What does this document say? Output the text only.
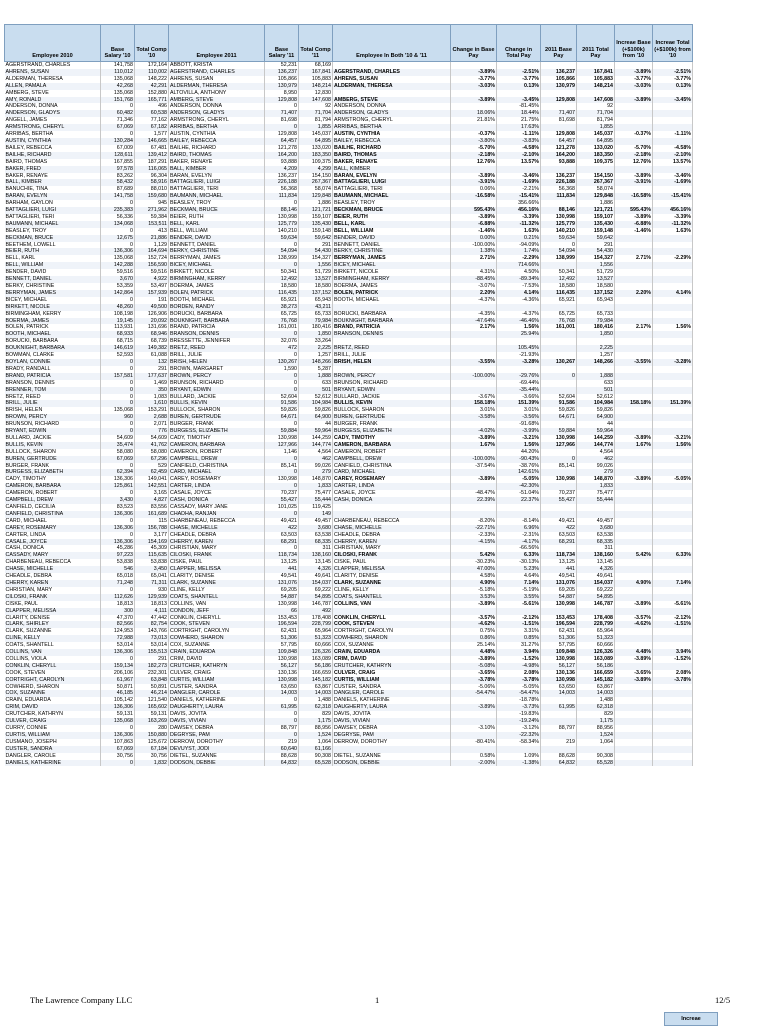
Employee 2010	Base Salary '10	Total Comp '10	Employee 2011	Base Salary '11	Total Comp '11	Employee In Both '10 & '11	Change in Base Pay	Change in Total Pay	2011 Base Pay	2011 Total Pay	Increae Base (+$100k) from '10	Increae Total (+$100k) from '10	
AGERSTRAND, CHARLES	141,758	172,164	ABBOTT, KRISTA	52,231	68,169								
AHRENS, SUSAN	110,012	110,002	AGERSTRAND, CHARLES	136,237	167,841	AGERSTRAND, CHARLES	-3.89%	-2.51%	136,237	167,841	-3.89%	-2.51%	
ALDERMAN, THERESA	135,068	148,222	AHRENS, SUSAN	105,866	105,883	AHRENS, SUSAN	-3.77%	-3.77%	105,866	105,883	-3.77%	-3.77%	
ALLEN, PAMALA	42,268	42,291	ALDERMAN, THERESA	130,979	148,214	ALDERMAN, THERESA	-3.03%	0.13%	130,979	148,214	-3.03%	0.13%	
AMBERG, STEVE	135,068	152,880	ALTOVILLA, ANTHONY	8,950	12,830								
AMY, RONALD	151,768	165,771	AMBERG, STEVE	129,808	147,608	AMBERG, STEVE	-3.89%	-3.45%	129,808	147,608	-3.89%	-3.45%	
ANDERSON, DONNA	0	496	ANDERSON, DONNA	0	92	ANDERSON, DONNA		-81.45%		92			
ANDERSON, GLADYS	60,482	60,538	ANDERSON, GLADYS	71,407	71,704	ANDERSON, GLADYS	18.06%	18.44%	71,407	71,704			
ANGELL, JAMES	71,346	77,162	ARMSTRONG, CHERYL	81,698	81,794	ARMSTRONG, CHERYL	21.81%	21.75%	81,698	81,794			
ARMSTRONG, CHERYL	67,069	67,182	ARRIBAS, BERTHA	0	1,855	ARRIBAS, BERTHA		17.63%		1,855			
ARRIBAS, BERTHA	0	1,577	AUSTIN, CYNTHIA	129,808	145,037	AUSTIN, CYNTHIA	-0.37%	-1.11%	129,808	145,037	-0.37%	-1.11%	
AUSTIN, CYNTHIA	130,284	146,665	BAILEY, REBECCA	64,457	64,895	BAILEY, REBECCA	-3.80%	-3.83%	64,457	64,895			
BAILEY, REBECCA	67,009	67,481	BAILHE, RICHARD	121,278	133,020	BAILHE, RICHARD	-5.70%	-4.58%	121,278	133,020	-5.70%	-4.58%	
BAILHE, RICHARD	128,611	139,412	BAIRD, THOMAS	164,200	183,350	BAIRD, THOMAS	-2.18%	-2.10%	164,200	183,350	-2.18%	-2.10%	
BAIRD, THOMAS	167,855	187,291	BAKER, RENAYE	93,888	109,375	BAKER, RENAYE	12.76%	13.57%	93,888	109,375	12.76%	13.57%	
BAKER, FRED	97,578	116,065	BALL, KIMBER	4,209	4,299	BALL, KIMBER							
BAKER, RENAYE	83,262	96,304	BARAN, EVELYN	136,237	154,150	BARAN, EVELYN	-3.89%	-3.46%	136,237	154,150	-3.89%	-3.46%	
BALL, KIMBER	58,432	58,916	BATTAGLIERI, LUIGI	226,188	267,367	BATTAGLIERI, LUIGI	-3.91%	-1.69%	226,188	267,367	-3.91%	-1.69%	
BANUCHIE, TINA	87,689	88,010	BATTAGLIERI, TERI	56,368	58,074	BATTAGLIERI, TERI	0.06%	-2.21%	56,368	58,074			
BARAN, EVELYN	141,758	159,680	BAUMANN, MICHAEL	111,834	129,848	BAUMANN, MICHAEL	-16.58%	-15.41%	111,834	129,848	-16.58%	-15.41%	
BARHAM, GAYLON	0	945	BEASLEY, TROY	0	1,886	BEASLEY, TROY		356.66%		1,886			
BATTAGLIERI, LUIGI	235,383	271,962	BECKMAN, BRUCE	88,146	121,721	BECKMAN, BRUCE	595.43%	456.16%	88,146	121,721	595.43%	456.16%	
BATTAGLIERI, TERI	56,336	59,384	BEIER, RUTH	130,998	159,107	BEIER, RUTH	-3.89%	-3.39%	130,998	159,107	-3.89%	-3.39%	
BAUMANN, MICHAEL	134,068	153,511	BELL, KARL	125,779	135,430	BELL, KARL	-6.88%	-11.32%	125,779	135,430	-6.88%	-11.32%	
BEASLEY, TROY	0	413	BELL, WILLIAM	140,210	159,148	BELL, WILLIAM	-1.46%	1.63%	140,210	159,148	-1.46%	1.63%	
BECKMAN, BRUCE	12,675	21,886	BENDER, DAVID	59,634	59,642	BENDER, DAVID	0.00%	0.21%	59,634	59,642			
BEETHEM, LOWELL	0	1,129	BENNETT, DANIEL	0	291	BENNETT, DANIEL	-100.00%	-94.09%	0	291			
BEIER, RUTH	136,306	164,694	BERKY, CHRISTINE	54,094	54,430	BERKY, CHRISTINE	1.38%	1.74%	54,094	54,430			
BELL, KARL	135,068	152,724	BERRYMAN, JAMES	138,999	154,327	BERRYMAN, JAMES	2.71%	-2.29%	138,999	154,327	2.71%	-2.29%	
BELL, WILLIAM	142,288	156,590	BICEY, MICHAEL	0	1,556	BICEY, MICHAEL		714.66%		1,556			
BENDER, DAVID	59,516	59,516	BIRKETT, NICOLE	50,341	51,729	BIRKETT, NICOLE	4.31%	4.50%	50,341	51,729			
BENNETT, DANIEL	3,670	4,922	BIRMINGHAM, KERRY	12,492	13,527	BIRMINGHAM, KERRY	-88.45%	-89.34%	12,492	13,527			
BERKY, CHRISTINE	53,359	53,497	BOERMA, JAMES	18,580	18,580	BOERMA, JAMES	-3.07%	-7.53%	18,580	18,580			
BERRYMAN, JAMES	142,864	157,939	BOLEN, PATRICK	116,435	137,152	BOLEN, PATRICK	2.20%	4.14%	116,435	137,152	2.20%	4.14%	
BICEY, MICHAEL	0	191	BOOTH, MICHAEL	65,921	65,943	BOOTH, MICHAEL	-4.37%	-4.36%	65,921	65,943			
BIRKETT, NICOLE	48,260	49,500	BORDEN, RANDY	38,273	43,211								
BIRMINGHAM, KERRY	108,198	126,906	BORUCKI, BARBARA	65,725	65,733	BORUCKI, BARBARA	-4.35%	-4.37%	65,725	65,733			
BOERMA, JAMES	19,145	20,092	BOUKNIGHT, BARBARA	76,768	79,984	BOUKNIGHT, BARBARA	-47.64%	-46.46%	76,768	79,984			
BOLEN, PATRICK	113,931	131,696	BRAND, PATRICIA	161,001	180,416	BRAND, PATRICIA	2.17%	1.56%	161,001	180,416	2.17%	1.56%	
BOOTH, MICHAEL	68,933	68,946	BRANSON, DENNIS	0	1,850	BRANSON, DENNIS		25.94%		1,850			
BORUCKI, BARBARA	68,715	68,739	BRESSETTE, JENNIFER	32,076	33,264								
BOUKNIGHT, BARBARA	146,619	149,382	BRETZ, REED	472	2,225	BRETZ, REED		105.45%		2,225			
BOWMAN, CLARKE	52,593	61,088	BRILL, JULIE	0	1,257	BRILL, JULIE		-21.93%		1,257			
BOYLAN, CONNIE	0	132	BRISH, HELEN	130,267	148,266	BRISH, HELEN	-3.55%	-3.28%	130,267	148,266	-3.55%	-3.28%	
BRADY, RANDALL	0	291	BROWN, MARGARET	1,590	5,287								
BRAND, PATRICIA	157,581	177,637	BROWN, PERCY	0	1,888	BROWN, PERCY	-100.00%	-29.76%	0	1,888			
BRANSON, DENNIS	0	1,469	BRUNSON, RICHARD	0	633	BRUNSON, RICHARD		-69.44%		633			
BRENNER, TOM	0	350	BRYANT, EDWIN	0	501	BRYANT, EDWIN		-35.44%		501			
BRETZ, REED	0	1,083	BULLARD, JACKIE	52,604	52,612	BULLARD, JACKIE	-3.67%	-3.66%	52,604	52,612			
BRILL, JULIE	0	1,610	BULLIS, KEVIN	91,586	104,984	BULLIS, KEVIN	158.18%	151.39%	91,586	104,984	158.18%	151.39%	
BRISH, HELEN	135,068	153,291	BULLOCK, SHARON	59,826	59,826	BULLOCK, SHARON	3.01%	3.01%	59,826	59,826			
BROWN, PERCY	960	2,688	BUREN, GERTRUDE	64,671	64,900	BUREN, GERTRUDE	-3.58%	-3.56%	64,671	64,900			
BRUNSON, RICHARD	0	2,071	BURGER, FRANK	0	44	BURGER, FRANK		-91.68%		44			
BRYANT, EDWIN	0	776	BURGESS, ELIZABETH	59,884	59,964	BURGESS, ELIZABETH	-4.02%	-3.99%	59,884	59,964			
BULLARD, JACKIE	54,609	54,609	CADY, TIMOTHY	130,998	144,259	CADY, TIMOTHY	-3.89%	-3.21%	130,998	144,259	-3.89%	-3.21%	
BULLIS, KEVIN	35,474	41,762	CAMERON, BARBARA	127,966	144,774	CAMERON, BARBARA	1.67%	1.56%	127,966	144,774	1.67%	1.56%	
BULLOCK, SHARON	58,080	58,080	CAMERON, ROBERT	1,146	4,564	CAMERON, ROBERT		44.20%		4,564			
BUREN, GERTRUDE	67,069	67,296	CAMPBELL, DREW	0	462	CAMPBELL, DREW	-100.00%	-90.43%	0	462			
BURGER, FRANK	0	529	CANFIELD, CHRISTINA	85,141	99,026	CANFIELD, CHRISTINA	-37.54%	-38.76%	85,141	99,026			
BURGESS, ELIZABETH	62,394	62,459	CARD, MICHAEL	0	279	CARD, MICHAEL		142.61%		279			
CADY, TIMOTHY	136,306	149,041	CAREY, ROSEMARY	130,998	148,870	CAREY, ROSEMARY	-3.89%	-5.05%	130,998	148,870	-3.89%	-5.05%	
CAMERON, BARBARA	125,861	142,551	CARTER, LINDA	0	1,833	CARTER, LINDA		-42.30%		1,833			
CAMERON, ROBERT	0	3,165	CASALE, JOYCE	70,237	75,477	CASALE, JOYCE	-48.47%	-51.04%	70,237	75,477			
CAMPBELL, DREW	3,430	4,827	CASH, DONICA	55,427	55,444	CASH, DONICA	22.39%	22.37%	55,427	55,444			
CANFIELD, CECILIA	83,523	83,556	CASSADY, MARY JANE	101,025	119,425								
CANFIELD, CHRISTINA	136,306	161,689	CHADHA, RANJAN	0	149								
CARD, MICHAEL	0	115	CHARBENEAU, REBECCA	49,421	49,457	CHARBENEAU, REBECCA	-8.20%	-8.14%	49,421	49,457			
CAREY, ROSEMARY	136,306	156,788	CHASE, MICHELLE	422	3,680	CHASE, MICHELLE	-22.71%	6.96%	422	3,680			
CARTER, LINDA	0	3,177	CHEADLE, DEBRA	63,503	63,538	CHEADLE, DEBRA	-2.33%	-2.31%	63,503	63,538			
CASALE, JOYCE	136,306	154,169	CHERRY, KAREN	68,291	68,335	CHERRY, KAREN	-4.15%	-4.17%	68,291	68,335			
CASH, DONICA	45,286	45,309	CHRISTIAN, MARY	0	311	CHRISTIAN, MARY		-66.56%		311			
CASSADY, MARY	97,223	115,635	CILOSKI, FRANK	118,734	138,160	CILOSKI, FRANK	5.42%	6.33%	118,734	138,160	5.42%	6.33%	
CHARBENEAU, REBECCA	53,838	53,838	CISKE, PAUL	13,125	13,145	CISKE, PAUL	-30.23%	-30.13%	13,125	13,145			
CHASE, MICHELLE	546	3,450	CLAPPER, MELISSA	441	4,326	CLAPPER, MELISSA	47.00%	5.23%	441	4,326			
CHEADLE, DEBRA	65,018	65,041	CLARITY, DENISE	49,541	49,641	CLARITY, DENISE	4.58%	4.64%	49,541	49,641			
CHERRY, KAREN	71,248	71,311	CLARK, SUZANNE	131,076	154,037	CLARK, SUZANNE	4.90%	7.14%	131,076	154,037	4.90%	7.14%	
CHRISTIAN, MARY	0	930	CLINE, KELLY	69,205	69,222	CLINE, KELLY	-5.18%	-5.19%	69,205	69,222			
CILOSKI, FRANK	112,626	129,939	COATS, SHANTELL	54,887	54,895	COATS, SHANTELL	3.53%	3.55%	54,887	54,895			
CISKE, PAUL	18,813	18,813	COLLINS, VAN	130,998	146,787	COLLINS, VAN	-3.89%	-5.61%	130,998	146,787	-3.89%	-5.61%	
CLAPPER, MELISSA	300	4,111	CONDON, JEFF	66	492								
CLARITY, DENISE	47,370	47,442	CONKLIN, CHERYLL	153,453	178,408	CONKLIN, CHERYLL	-3.57%	-2.12%	153,453	178,408	-3.57%	-2.12%	
CLARK, SHIRLEY	82,566	82,754	COOK, STEVEN	196,594	228,799	COOK, STEVEN	-4.62%	-1.51%	196,594	228,799	-4.62%	-1.51%	
CLARK, SUZANNE	124,953	143,766	CORTRIGHT, CAROLYN	62,431	65,964	CORTRIGHT, CAROLYN	0.75%	3.31%	62,431	65,964			
CLINE, KELLY	72,988	73,013	COWHERD, SHARON	51,306	51,323	COWHERD, SHARON	0.86%	0.85%	51,306	51,323			
COATS, SHANTELL	53,014	53,014	COX, SUZANNE	57,795	60,666	COX, SUZANNE	25.14%	31.27%	57,795	60,666			
COLLINS, VAN	136,306	155,513	CRAIN, EDUARDA	109,848	126,326	CRAIN, EDUARDA	4.48%	3.94%	109,848	126,326	4.48%	3.94%	
COLLINS, VIOLA	0	291	CRIM, DAVID	130,998	163,089	CRIM, DAVID	-3.89%	-1.52%	130,998	163,089	-3.89%	-1.52%	
CONKLIN, CHERYLL	159,134	182,273	CRUTCHER, KATHRYN	56,127	56,186	CRUTCHER, KATHRYN	-5.08%	-4.98%	56,127	56,186			
COOK, STEVEN	206,106	232,301	CULVER, CRAIG	130,136	166,659	CULVER, CRAIG	-3.65%	2.08%	130,136	166,659	-3.65%	2.08%	
CORTRIGHT, CAROLYN	61,967	63,848	CURTIS, WILLIAM	130,998	145,182	CURTIS, WILLIAM	-3.78%	-3.78%	130,998	145,182	-3.89%	-3.78%	
COWHERD, SHARON	50,871	50,891	CUSTER, SANDRA	63,650	63,867	CUSTER, SANDRA	-5.06%	-5.05%	63,650	63,867			
COX, SUZANNE	46,185	46,214	DANGLER, CAROLE	14,003	14,003	DANGLER, CAROLE	-54.47%	-54.47%	14,003	14,003			
CRAIN, EDUARDA	105,142	121,540	DANIELS, KATHERINE	0	1,488	DANIELS, KATHERINE		-18.78%		1,488			
CRIM, DAVID	136,306	165,602	DAUGHERTY, LAURA	61,995	62,318	DAUGHERTY, LAURA	-3.89%	-3.73%	61,995	62,318			
CRUTCHER, KATHRYN	59,131	59,131	DAVIS, JOVITA	0	829	DAVIS, JOVITA		-19.83%		829			
CULVER, CRAIG	135,068	163,269	DAVIS, VIVIAN	0	1,175	DAVIS, VIVIAN		-19.24%		1,175			
CURRY, CONNIE	0	280	DAWSEY, DEBRA	88,797	88,956	DAWSEY, DEBRA	-3.10%	-3.12%	88,797	88,956			
CURTIS, WILLIAM	136,306	150,880	DEGRYSE, PAM	0	1,524	DEGRYSE, PAM		-22.32%		1,524			
CUSMANO, JOSEPH	107,863	125,672	DERROW, DOROTHY	219	1,064	DERROW, DOROTHY	-80.41%	-58.34%	219	1,064			
CUSTER, SANDRA	67,069	67,184	DEVUYST, JODI	60,640	61,166								
DANGLER, CAROLE	30,756	30,756	DIETEL, SUZANNE	88,628	90,308	DIETEL, SUZANNE	0.58%	1.09%	88,628	90,308			
DANIELS, KATHERINE	0	1,832	DODSON, DEBBIE	64,832	65,528	DODSON, DEBBIE	-2.00%	-1.38%	64,832	65,528			
The Lawrence Company LLC	1	12/5
Increae
